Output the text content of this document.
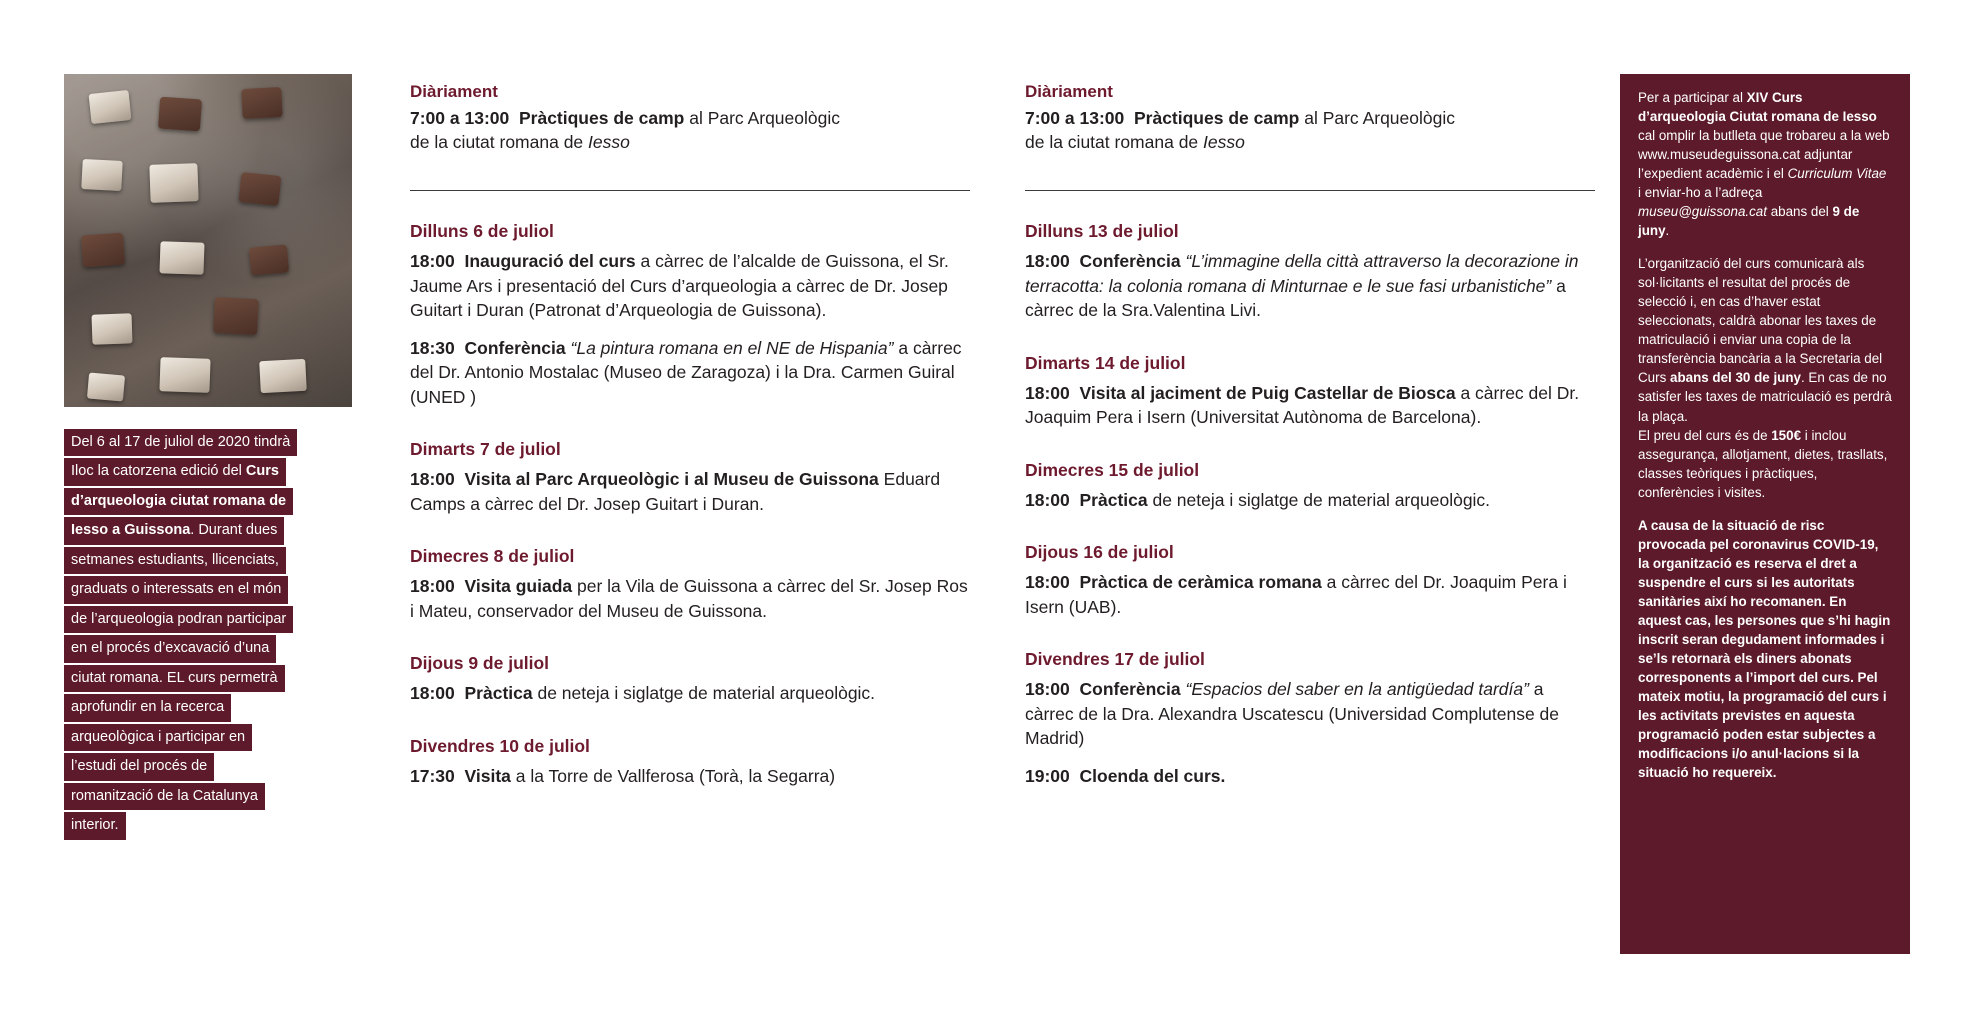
Del 6 al 17 de juliol de 2020 tindrà

Iloc la catorzena edició del Curs

d’arqueologia ciutat romana de

Iesso a Guissona. Durant dues

setmanes estudiants, llicenciats,

graduats o interessats en el món

de l’arqueologia podran participar

en el procés d’excavació d’una

ciutat romana. EL curs permetrà

aprofundir en la recerca

arqueològica i participar en

l’estudi del procés de

romanització de la Catalunya

interior.

Diàriament

7:00 a 13:00 Pràctiques de camp al Parc Arqueològic
de la ciutat romana de Iesso

Dilluns 6 de juliol

18:00 Inauguració del curs a càrrec de l’alcalde de Guissona, el Sr. Jaume Ars i presentació del Curs d’arqueologia a càrrec de Dr. Josep Guitart i Duran (Patronat d’Arqueologia de Guissona).

18:30 Conferència “La pintura romana en el NE de Hispania” a càrrec del Dr. Antonio Mostalac (Museo de Zaragoza) i la Dra. Carmen Guiral (UNED )

Dimarts 7 de juliol

18:00 Visita al Parc Arqueològic i al Museu de Guissona Eduard Camps a càrrec del Dr. Josep Guitart i Duran.

Dimecres 8 de juliol

18:00 Visita guiada per la Vila de Guissona a càrrec del Sr. Josep Ros i Mateu, conservador del Museu de Guissona.

Dijous 9 de juliol

18:00 Pràctica de neteja i siglatge de material arqueològic.

Divendres 10 de juliol

17:30 Visita a la Torre de Vallferosa (Torà, la Segarra)

Diàriament

7:00 a 13:00 Pràctiques de camp al Parc Arqueològic
de la ciutat romana de Iesso

Dilluns 13 de juliol

18:00 Conferència “L’immagine della città attraverso la decorazione in terracotta: la colonia romana di Minturnae e le sue fasi urbanistiche” a càrrec de la Sra.Valentina Livi.

Dimarts 14 de juliol

18:00 Visita al jaciment de Puig Castellar de Biosca a càrrec del Dr. Joaquim Pera i Isern (Universitat Autònoma de Barcelona).

Dimecres 15 de juliol

18:00 Pràctica de neteja i siglatge de material arqueològic.

Dijous 16 de juliol

18:00 Pràctica de ceràmica romana a càrrec del Dr. Joaquim Pera i Isern (UAB).

Divendres 17 de juliol

18:00 Conferència “Espacios del saber en la antigüedad tardía” a càrrec de la Dra. Alexandra Uscatescu (Universidad Complutense de Madrid)

19:00 Cloenda del curs.

Per a participar al XIV Curs d’arqueologia Ciutat romana de Iesso cal omplir la butlleta que trobareu a la web www.museudeguissona.cat adjuntar l’expedient acadèmic i el Curriculum Vitae i enviar-ho a l’adreça museu@guissona.cat abans del 9 de juny.

L’organització del curs comunicarà als sol·licitants el resultat del procés de selecció i, en cas d’haver estat seleccionats, caldrà abonar les taxes de matriculació i enviar una copia de la transferència bancària a la Secretaria del Curs abans del 30 de juny. En cas de no satisfer les taxes de matriculació es perdrà la plaça.
El preu del curs és de 150€ i inclou assegurança, allotjament, dietes, trasllats, classes teòriques i pràctiques, conferències i visites.

A causa de la situació de risc provocada pel coronavirus COVID-19, la organització es reserva el dret a suspendre el curs si les autoritats sanitàries així ho recomanen. En aquest cas, les persones que s’hi hagin inscrit seran degudament informades i se’ls retornarà els diners abonats corresponents a l’import del curs. Pel mateix motiu, la programació del curs i les activitats previstes en aquesta programació poden estar subjectes a modificacions i/o anul·lacions si la situació ho requereix.
